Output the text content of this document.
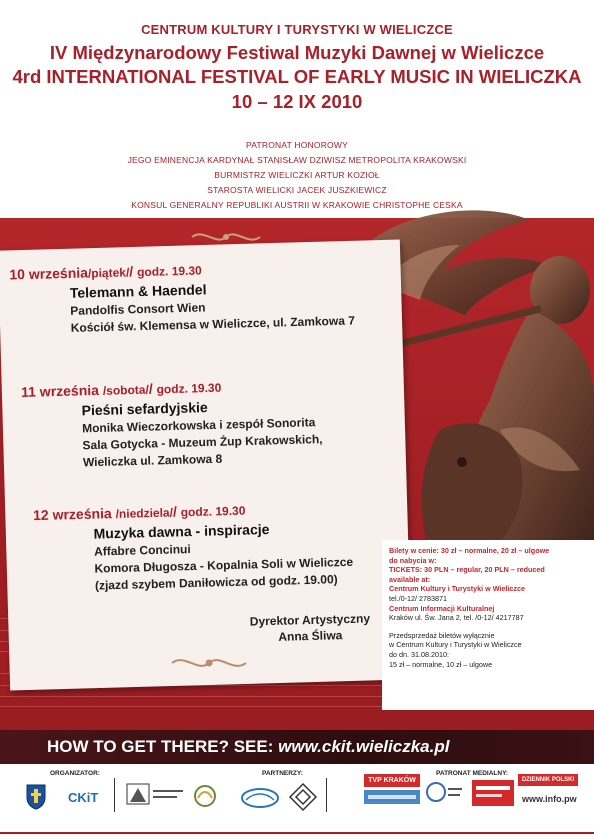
CENTRUM KULTURY I TURYSTYKI W WIELICZCE
IV Międzynarodowy Festiwal Muzyki Dawnej w Wieliczce
4rd INTERNATIONAL FESTIVAL OF EARLY MUSIC IN WIELICZKA
10 – 12 IX 2010
PATRONAT HONOROWY
JEGO EMINENCJA KARDYNAŁ STANISŁAW DZIWISZ METROPOLITA KRAKOWSKI
BURMISTRZ WIELICZKI ARTUR KOZIOŁ
STAROSTA WIELICKI JACEK JUSZKIEWICZ
KONSUL GENERALNY REPUBLIKI AUSTRII W KRAKOWIE CHRISTOPHE CESKA
10 września/piątek// godz. 19.30
Telemann & Haendel
Pandolfis Consort Wien
Kościół św. Klemensa w Wieliczce, ul. Zamkowa 7
11 września /sobota// godz. 19.30
Pieśni sefardyjskie
Monika Wieczorkowska i zespół Sonorita
Sala Gotycka - Muzeum Żup Krakowskich,
Wieliczka ul. Zamkowa 8
12 września /niedziela// godz. 19.30
Muzyka dawna - inspiracje
Affabre Concinui
Komora Długosza - Kopalnia Soli w Wieliczce
(zjazd szybem Daniłowicza od godz. 19.00)
Dyrektor Artystyczny
Anna Śliwa
Bilety w cenie: 30 zł – normalne, 20 zł – ulgowe
do nabycia w:
TICKETS: 30 PLN – regular, 20 PLN – reduced
available at:
Centrum Kultury i Turystyki w Wieliczce
tel./0-12/ 2783871
Centrum Informacji Kulturalnej
Kraków ul. Św. Jana 2, tel. /0-12/ 4217787
Przedsprzedaż biletów wyłącznie
w Centrum Kultury i Turystyki w Wieliczce
do dn. 31.08.2010:
15 zł – normalne, 10 zł – ulgowe
HOW TO GET THERE? SEE: www.ckit.wieliczka.pl
ORGANIZATOR:	PARTNERZY:	PATRONAT MEDIALNY:
CKiT
TVP KRAKÓW	DZIENNIK POLSKI
www.info.pw
